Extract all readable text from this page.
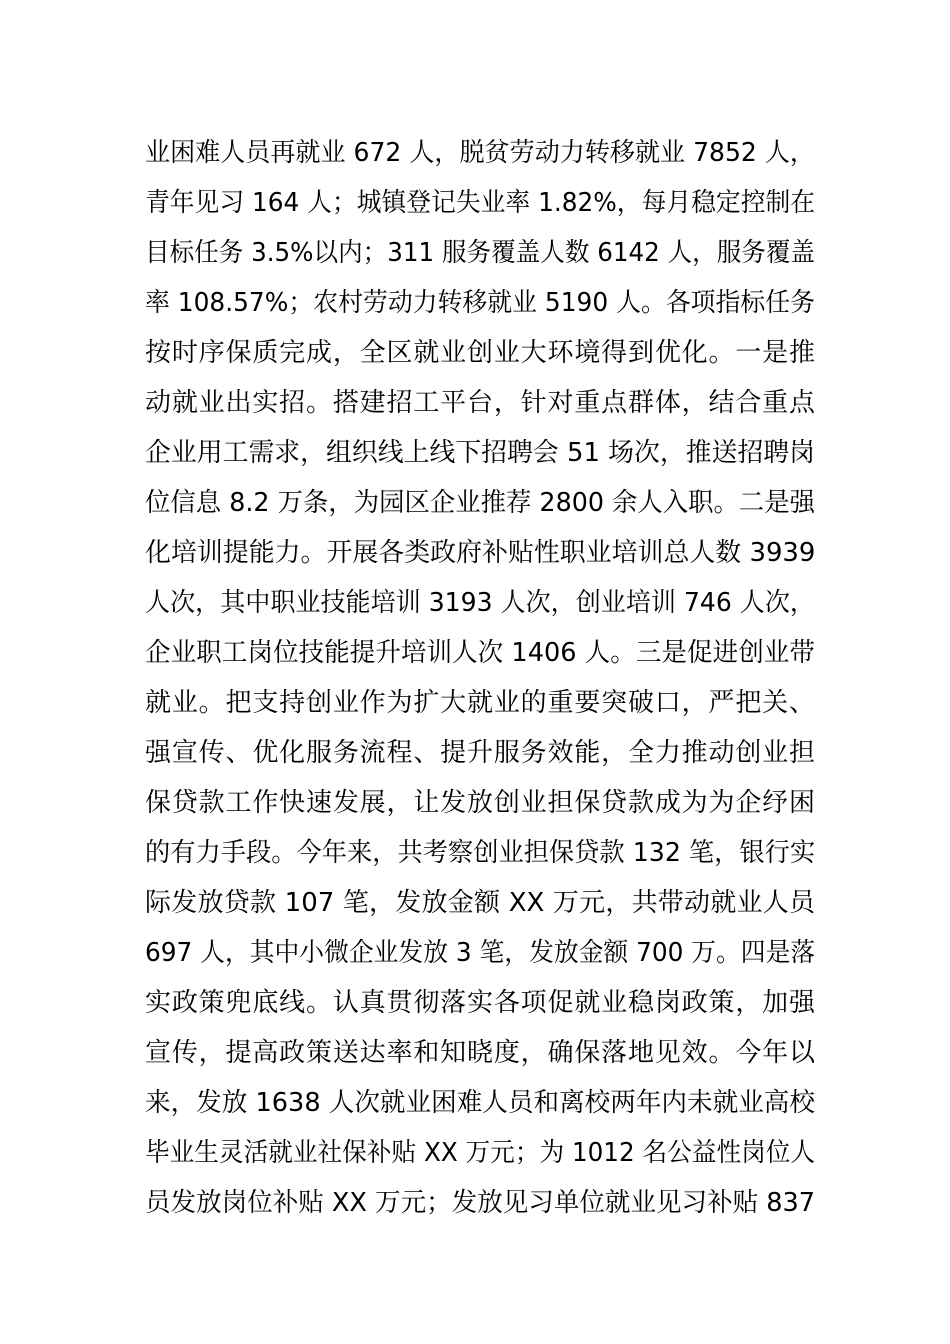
业困难人员再就业 672 人，脱贫劳动力转移就业 7852 人，
青年见习 164 人；城镇登记失业率 1.82%，每月稳定控制在
目标任务 3.5%以内；311 服务覆盖人数 6142 人，服务覆盖
率 108.57%；农村劳动力转移就业 5190 人。各项指标任务
按时序保质完成，全区就业创业大环境得到优化。一是推
动就业出实招。搭建招工平台，针对重点群体，结合重点
企业用工需求，组织线上线下招聘会 51 场次，推送招聘岗
位信息 8.2 万条，为园区企业推荐 2800 余人入职。二是强
化培训提能力。开展各类政府补贴性职业培训总人数 3939
人次，其中职业技能培训 3193 人次，创业培训 746 人次，
企业职工岗位技能提升培训人次 1406 人。三是促进创业带
就业。把支持创业作为扩大就业的重要突破口，严把关、
强宣传、优化服务流程、提升服务效能，全力推动创业担
保贷款工作快速发展，让发放创业担保贷款成为为企纾困
的有力手段。今年来，共考察创业担保贷款 132 笔，银行实
际发放贷款 107 笔，发放金额 XX 万元，共带动就业人员
697 人，其中小微企业发放 3 笔，发放金额 700 万。四是落
实政策兜底线。认真贯彻落实各项促就业稳岗政策，加强
宣传，提高政策送达率和知晓度，确保落地见效。今年以
来，发放 1638 人次就业困难人员和离校两年内未就业高校
毕业生灵活就业社保补贴 XX 万元；为 1012 名公益性岗位人
员发放岗位补贴 XX 万元；发放见习单位就业见习补贴 837
